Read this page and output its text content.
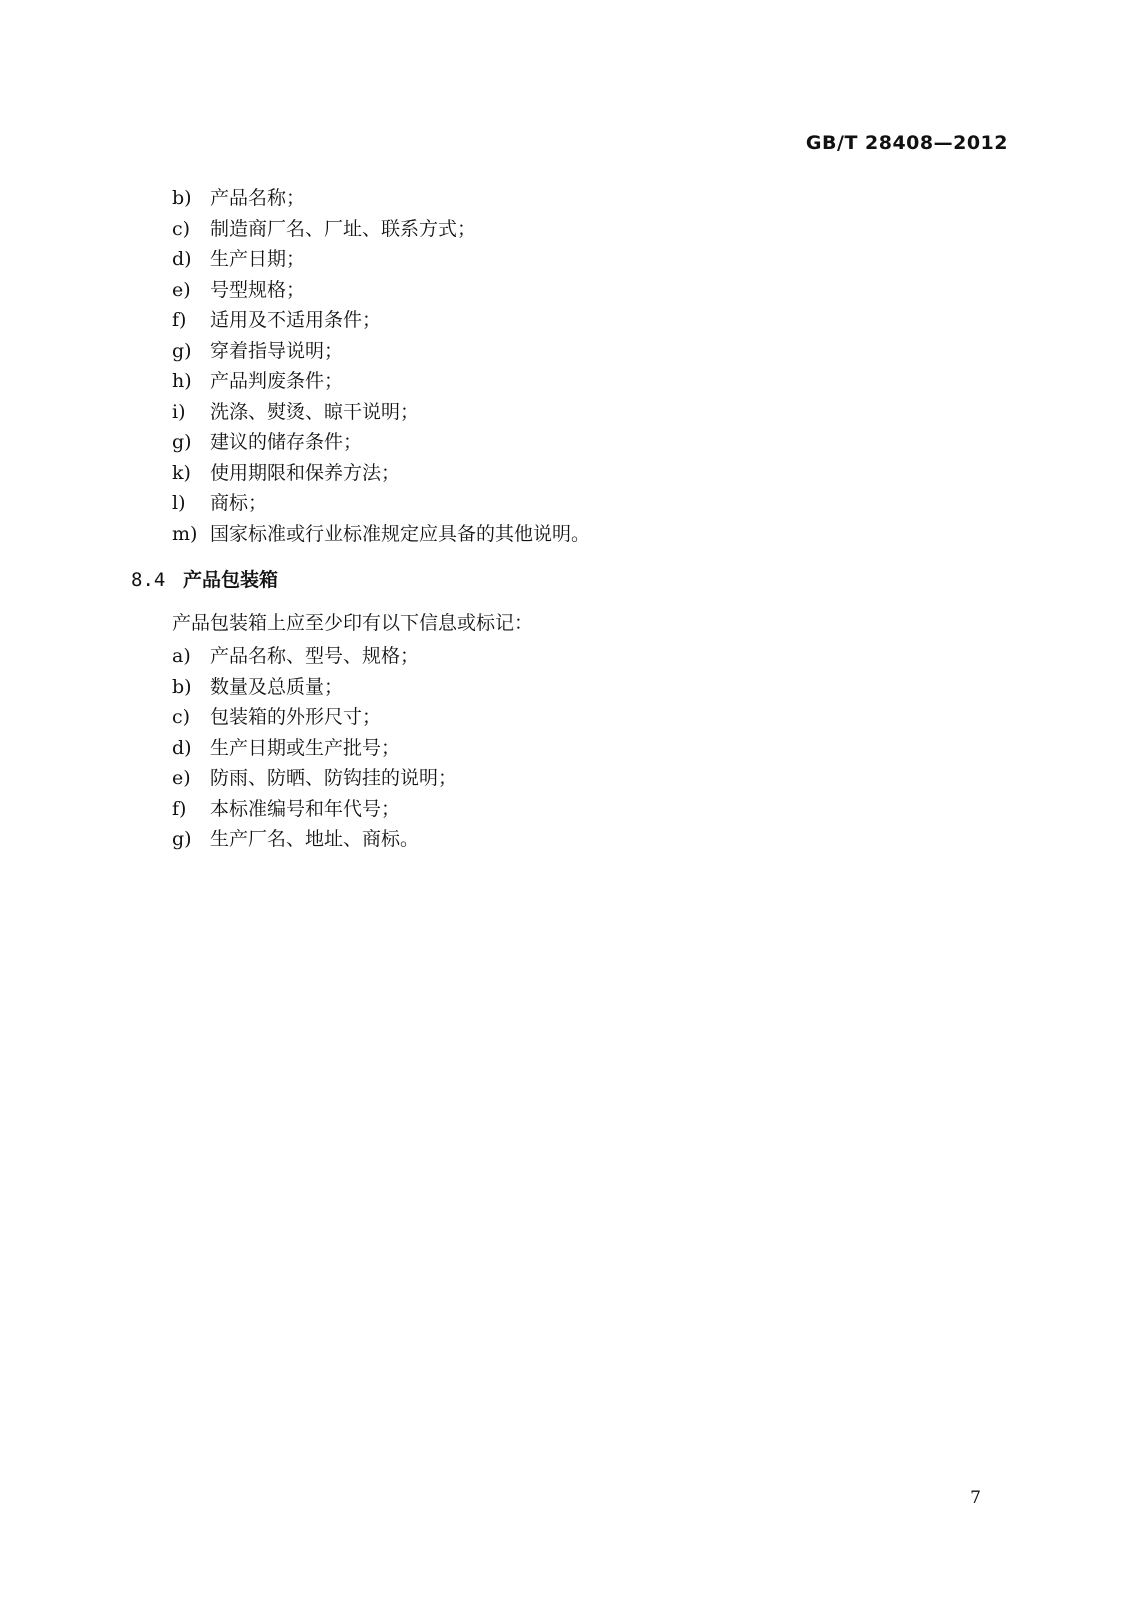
GB/T 28408—2012
b) 产品名称；
c)	制造商厂名、厂址、联系方式；
d) 生产日期；
e)	号型规格；
f)	适用及不适用条件；
g) 穿着指导说明；
h) 产品判废条件；
i)	洗涤、熨烫、晾干说明；
g) 建议的储存条件；
k)	使用期限和保养方法；
l)	商标；
m) 国家标准或行业标准规定应具备的其他说明。
8.4 产品包装箱
产品包装箱上应至少印有以下信息或标记：
a)	产品名称、型号、规格；
b) 数量及总质量；
c)	包装箱的外形尺寸；
d) 生产日期或生产批号；
e)	防雨、防晒、防钩挂的说明；
f)	本标准编号和年代号；
g) 生产厂名、地址、商标。
7
